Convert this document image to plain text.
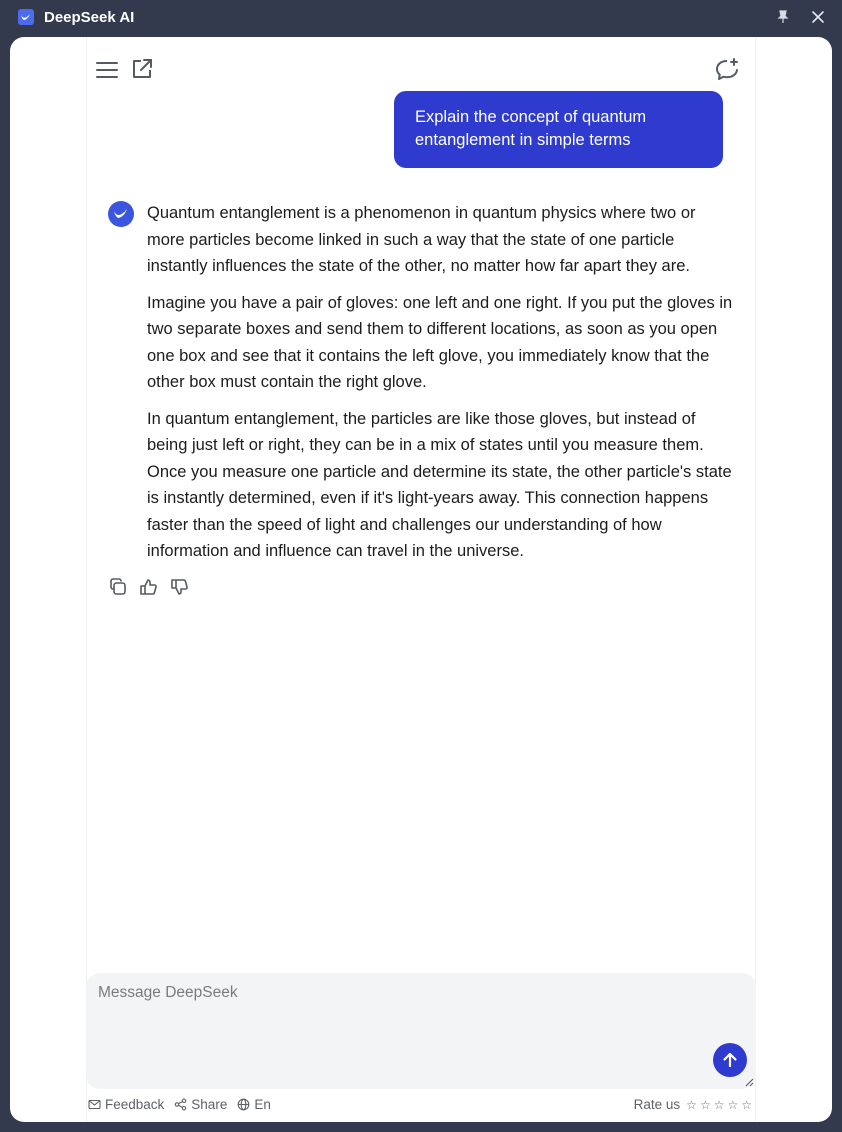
DeepSeek AI
Explain the concept of quantum entanglement in simple terms

Quantum entanglement is a phenomenon in quantum physics where two or more particles become linked in such a way that the state of one particle instantly influences the state of the other, no matter how far apart they are.

Imagine you have a pair of gloves: one left and one right. If you put the gloves in two separate boxes and send them to different locations, as soon as you open one box and see that it contains the left glove, you immediately know that the other box must contain the right glove.

In quantum entanglement, the particles are like those gloves, but instead of being just left or right, they can be in a mix of states until you measure them. Once you measure one particle and determine its state, the other particle's state is instantly determined, even if it's light-years away. This connection happens faster than the speed of light and challenges our understanding of how information and influence can travel in the universe.

Message DeepSeek
Feedback Share En	Rate us ☆ ☆ ☆ ☆ ☆
